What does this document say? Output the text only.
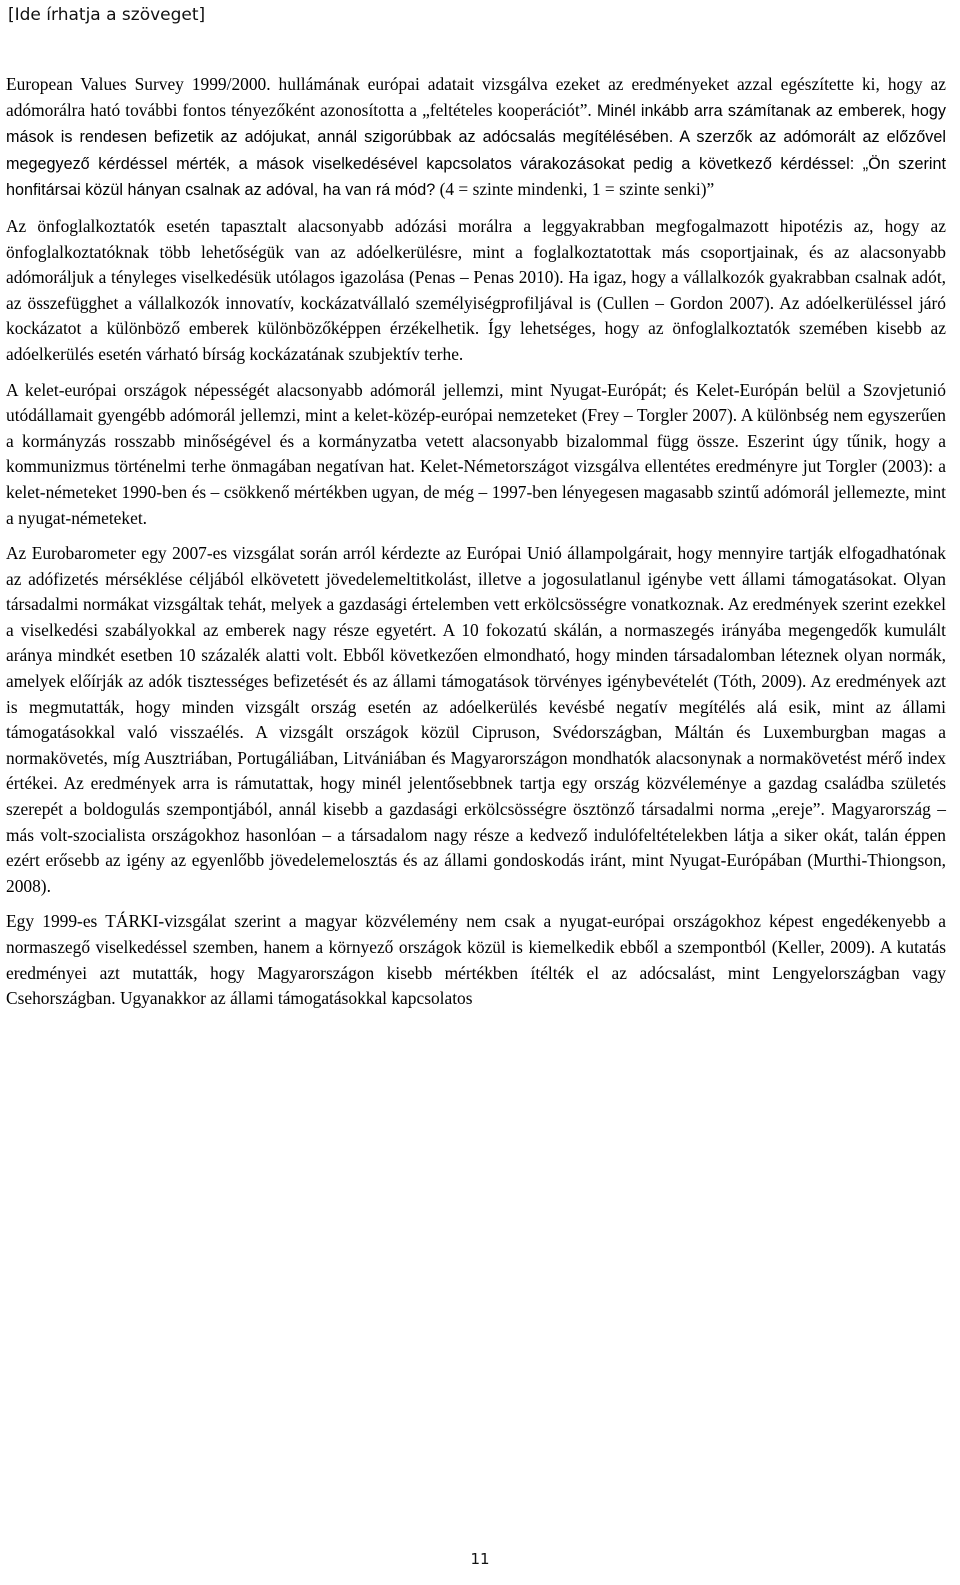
[Ide írhatja a szöveget]

European Values Survey 1999/2000. hullámának európai adatait vizsgálva ezeket az eredményeket azzal egészítette ki, hogy az adómorálra ható további fontos tényezőként azonosította a „feltételes kooperációt”. Minél inkább arra számítanak az emberek, hogy mások is rendesen befizetik az adójukat, annál szigorúbbak az adócsalás megítélésében. A szerzők az adómorált az előzővel megegyező kérdéssel mérték, a mások viselkedésével kapcsolatos várakozásokat pedig a következő kérdéssel: „Ön szerint honfitársai közül hányan csalnak az adóval, ha van rá mód? (4 = szinte mindenki, 1 = szinte senki)”

Az önfoglalkoztatók esetén tapasztalt alacsonyabb adózási morálra a leggyakrabban megfogalmazott hipotézis az, hogy az önfoglalkoztatóknak több lehetőségük van az adóelkerülésre, mint a foglalkoztatottak más csoportjainak, és az alacsonyabb adómoráljuk a tényleges viselkedésük utólagos igazolása (Penas – Penas 2010). Ha igaz, hogy a vállalkozók gyakrabban csalnak adót, az összefügghet a vállalkozók innovatív, kockázatvállaló személyiségprofiljával is (Cullen – Gordon 2007). Az adóelkerüléssel járó kockázatot a különböző emberek különbözőképpen érzékelhetik. Így lehetséges, hogy az önfoglalkoztatók szemében kisebb az adóelkerülés esetén várható bírság kockázatának szubjektív terhe.

A kelet-európai országok népességét alacsonyabb adómorál jellemzi, mint Nyugat-Európát; és Kelet-Európán belül a Szovjetunió utódállamait gyengébb adómorál jellemzi, mint a kelet-közép-európai nemzeteket (Frey – Torgler 2007). A különbség nem egyszerűen a kormányzás rosszabb minőségével és a kormányzatba vetett alacsonyabb bizalommal függ össze. Eszerint úgy tűnik, hogy a kommunizmus történelmi terhe önmagában negatívan hat. Kelet-Németországot vizsgálva ellentétes eredményre jut Torgler (2003): a kelet-németeket 1990-ben és – csökkenő mértékben ugyan, de még – 1997-ben lényegesen magasabb szintű adómorál jellemezte, mint a nyugat-németeket.

Az Eurobarometer egy 2007-es vizsgálat során arról kérdezte az Európai Unió állampolgárait, hogy mennyire tartják elfogadhatónak az adófizetés mérséklése céljából elkövetett jövedelemeltitkolást, illetve a jogosulatlanul igénybe vett állami támogatásokat. Olyan társadalmi normákat vizsgáltak tehát, melyek a gazdasági értelemben vett erkölcsösségre vonatkoznak. Az eredmények szerint ezekkel a viselkedési szabályokkal az emberek nagy része egyetért. A 10 fokozatú skálán, a normaszegés irányába megengedők kumulált aránya mindkét esetben 10 százalék alatti volt. Ebből következően elmondható, hogy minden társadalomban léteznek olyan normák, amelyek előírják az adók tisztességes befizetését és az állami támogatások törvényes igénybevételét (Tóth, 2009). Az eredmények azt is megmutatták, hogy minden vizsgált ország esetén az adóelkerülés kevésbé negatív megítélés alá esik, mint az állami támogatásokkal való visszaélés. A vizsgált országok közül Cipruson, Svédországban, Máltán és Luxemburgban magas a normakövetés, míg Ausztriában, Portugáliában, Litvániában és Magyarországon mondhatók alacsonynak a normakövetést mérő index értékei. Az eredmények arra is rámutattak, hogy minél jelentősebbnek tartja egy ország közvéleménye a gazdag családba születés szerepét a boldogulás szempontjából, annál kisebb a gazdasági erkölcsösségre ösztönző társadalmi norma „ereje”. Magyarország – más volt-szocialista országokhoz hasonlóan – a társadalom nagy része a kedvező indulófeltételekben látja a siker okát, talán éppen ezért erősebb az igény az egyenlőbb jövedelemelosztás és az állami gondoskodás iránt, mint Nyugat-Európában (Murthi-Thiongson, 2008).

Egy 1999-es TÁRKI-vizsgálat szerint a magyar közvélemény nem csak a nyugat-európai országokhoz képest engedékenyebb a normaszegő viselkedéssel szemben, hanem a környező országok közül is kiemelkedik ebből a szempontból (Keller, 2009). A kutatás eredményei azt mutatták, hogy Magyarországon kisebb mértékben ítélték el az adócsalást, mint Lengyelországban vagy Csehországban. Ugyanakkor az állami támogatásokkal kapcsolatos

11
